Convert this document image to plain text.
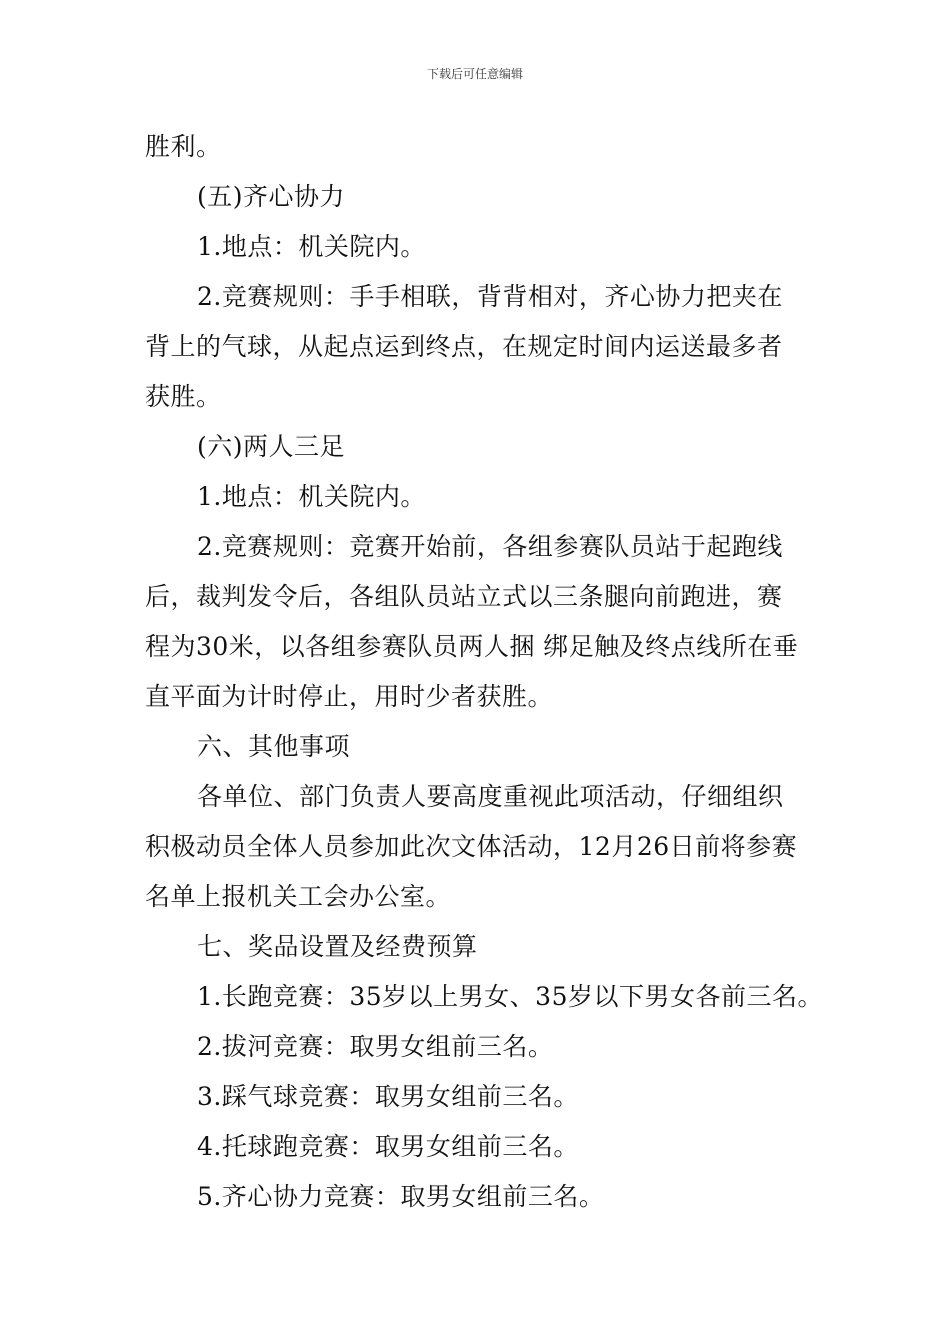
下载后可任意编辑
胜利。
(五)齐心协力
1.地点：机关院内。
2.竞赛规则：手手相联，背背相对，齐心协力把夹在
背上的气球，从起点运到终点，在规定时间内运送最多者
获胜。
(六)两人三足
1.地点：机关院内。
2.竞赛规则：竞赛开始前，各组参赛队员站于起跑线
后，裁判发令后，各组队员站立式以三条腿向前跑进，赛
程为30米，以各组参赛队员两人捆 绑足触及终点线所在垂
直平面为计时停止，用时少者获胜。
六、其他事项
各单位、部门负责人要高度重视此项活动，仔细组织
积极动员全体人员参加此次文体活动，12月26日前将参赛
名单上报机关工会办公室。
七、奖品设置及经费预算
1.长跑竞赛：35岁以上男女、35岁以下男女各前三名。
2.拔河竞赛：取男女组前三名。
3.踩气球竞赛：取男女组前三名。
4.托球跑竞赛：取男女组前三名。
5.齐心协力竞赛：取男女组前三名。
